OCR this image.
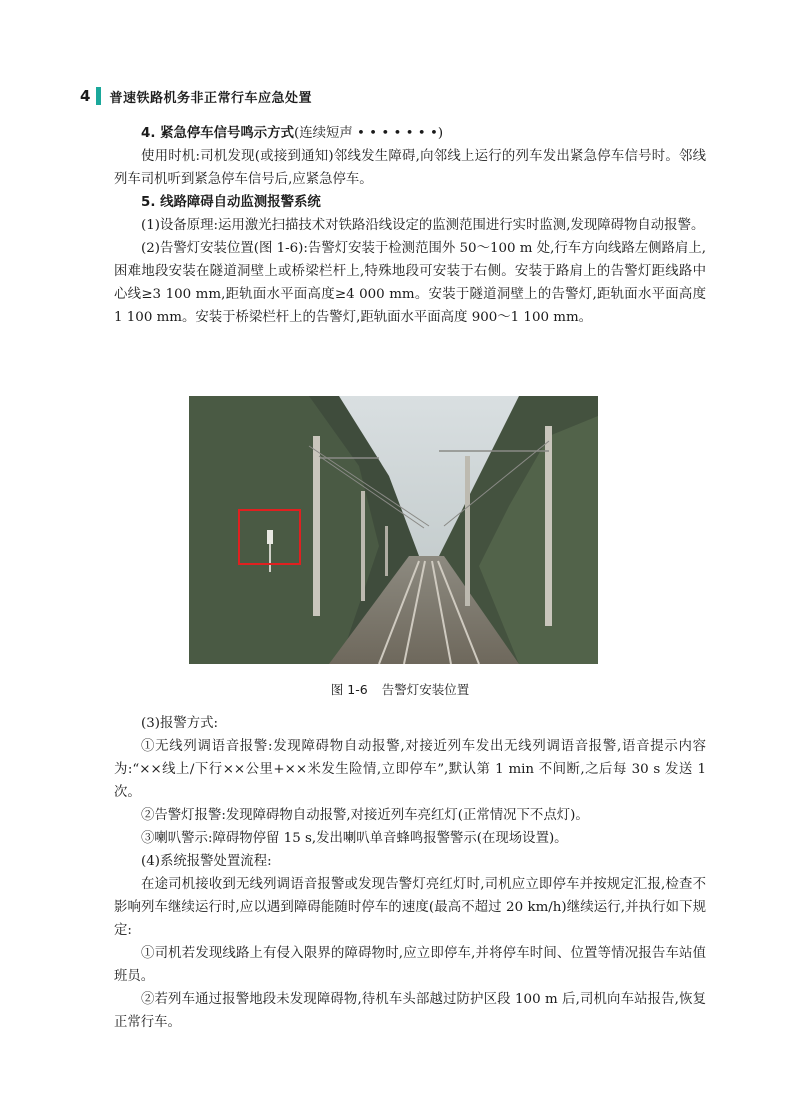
4 普速铁路机务非正常行车应急处置

4. 紧急停车信号鸣示方式(连续短声 • • • • • • •)

使用时机:司机发现(或接到通知)邻线发生障碍,向邻线上运行的列车发出紧急停车信号时。邻线列车司机听到紧急停车信号后,应紧急停车。

5. 线路障碍自动监测报警系统

(1)设备原理:运用激光扫描技术对铁路沿线设定的监测范围进行实时监测,发现障碍物自动报警。

(2)告警灯安装位置(图 1-6):告警灯安装于检测范围外 50～100 m 处,行车方向线路左侧路肩上,困难地段安装在隧道洞壁上或桥梁栏杆上,特殊地段可安装于右侧。安装于路肩上的告警灯距线路中心线≥3 100 mm,距轨面水平面高度≥4 000 mm。安装于隧道洞壁上的告警灯,距轨面水平面高度 1 100 mm。安装于桥梁栏杆上的告警灯,距轨面水平面高度 900～1 100 mm。

图 1-6 告警灯安装位置

(3)报警方式:

①无线列调语音报警:发现障碍物自动报警,对接近列车发出无线列调语音报警,语音提示内容为:“××线上/下行××公里+××米发生险情,立即停车”,默认第 1 min 不间断,之后每 30 s 发送 1 次。

②告警灯报警:发现障碍物自动报警,对接近列车亮红灯(正常情况下不点灯)。

③喇叭警示:障碍物停留 15 s,发出喇叭单音蜂鸣报警警示(在现场设置)。

(4)系统报警处置流程:

在途司机接收到无线列调语音报警或发现告警灯亮红灯时,司机应立即停车并按规定汇报,检查不影响列车继续运行时,应以遇到障碍能随时停车的速度(最高不超过 20 km/h)继续运行,并执行如下规定:

①司机若发现线路上有侵入限界的障碍物时,应立即停车,并将停车时间、位置等情况报告车站值班员。

②若列车通过报警地段未发现障碍物,待机车头部越过防护区段 100 m 后,司机向车站报告,恢复正常行车。
